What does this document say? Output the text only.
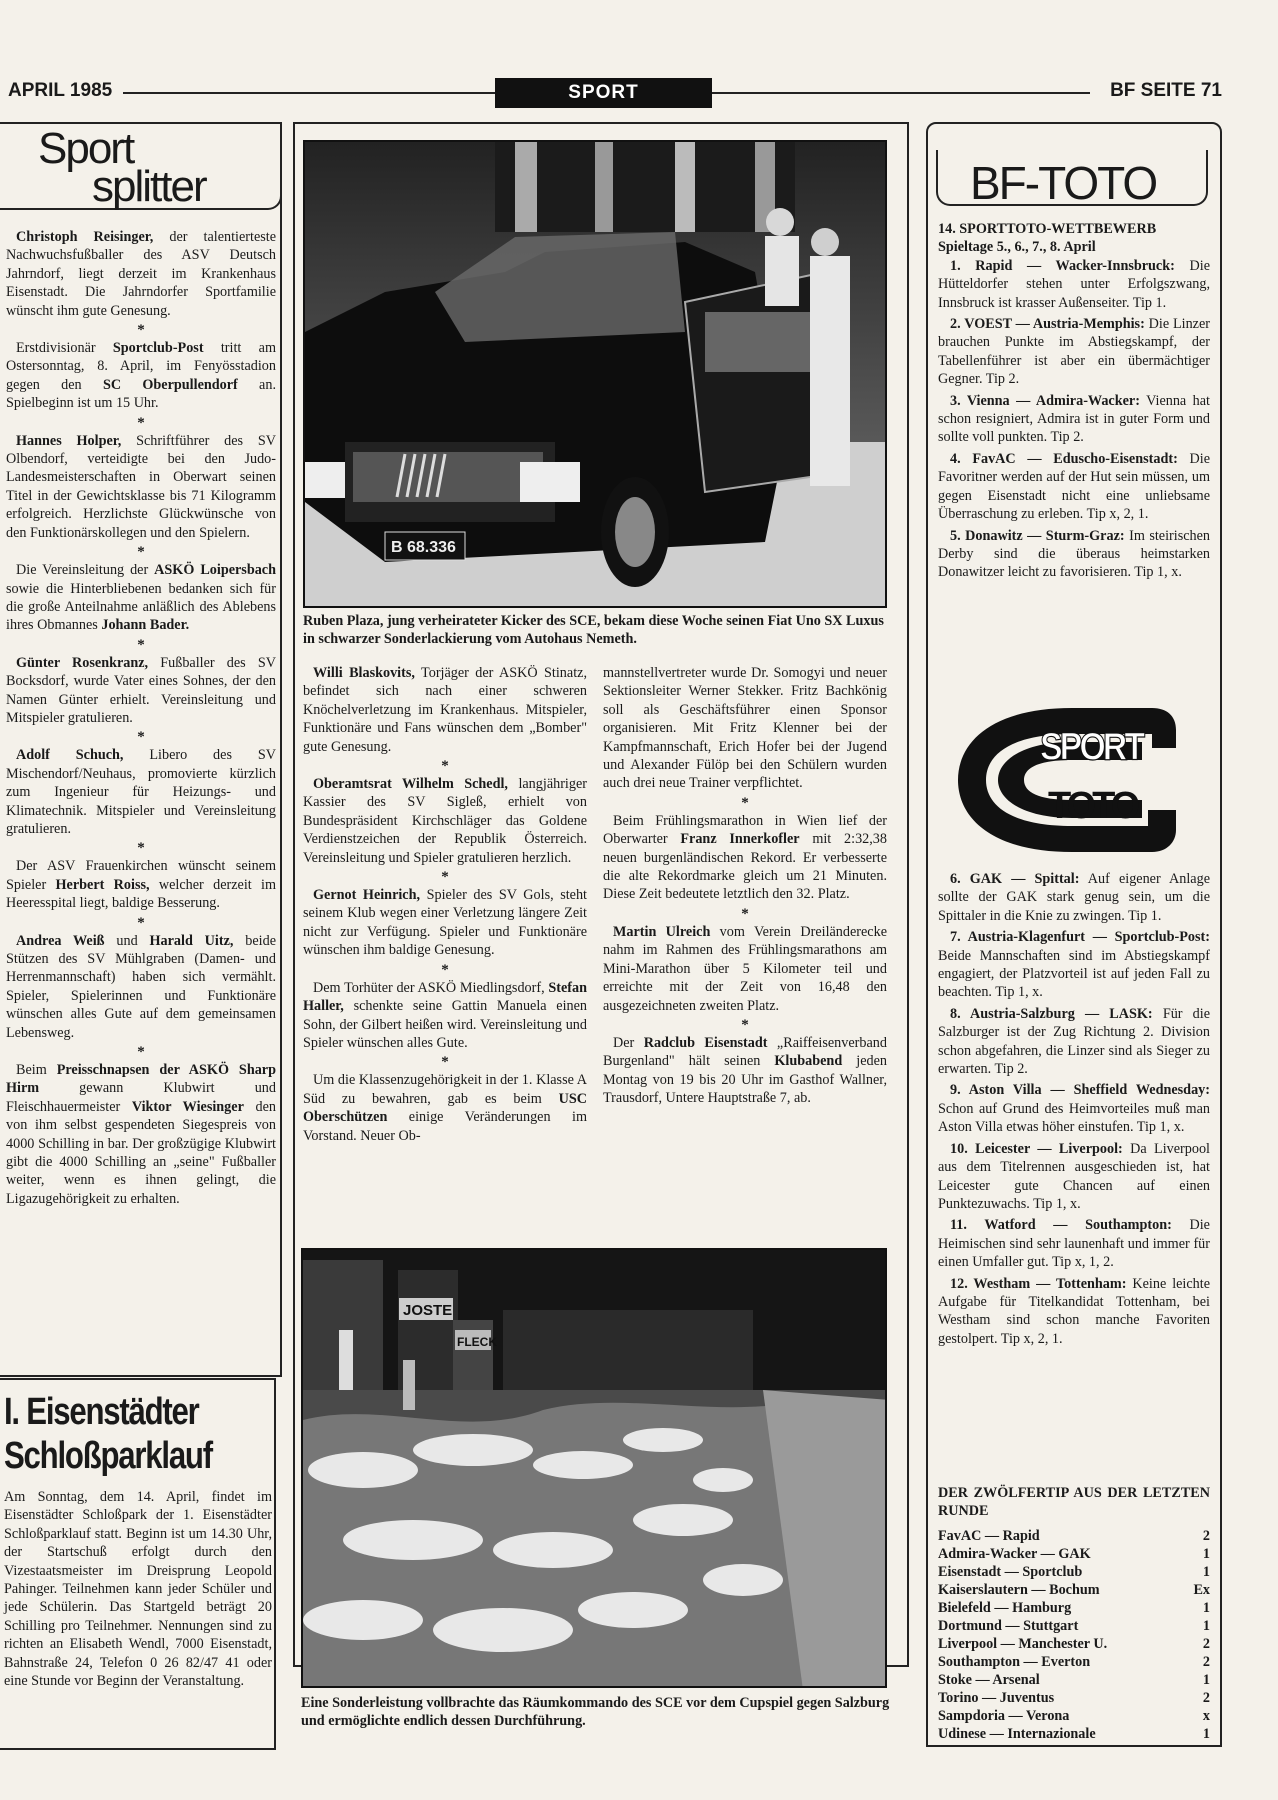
APRIL 1985	SPORT	BF SEITE 71
Sport
splitter

Christoph Reisinger, der talentierteste Nachwuchsfußballer des ASV Deutsch Jahrndorf, liegt derzeit im Krankenhaus Eisenstadt. Die Jahrndorfer Sportfamilie wünscht ihm gute Genesung.

*

Erstdivisionär Sportclub-Post tritt am Ostersonntag, 8. April, im Fenyösstadion gegen den SC Oberpullendorf an. Spielbeginn ist um 15 Uhr.

*

Hannes Holper, Schriftführer des SV Olbendorf, verteidigte bei den Judo-Landesmeisterschaften in Oberwart seinen Titel in der Gewichtsklasse bis 71 Kilogramm erfolgreich. Herzlichste Glückwünsche von den Funktionärskollegen und den Spielern.

*

Die Vereinsleitung der ASKÖ Loipersbach sowie die Hinterbliebenen bedanken sich für die große Anteilnahme anläßlich des Ablebens ihres Obmannes Johann Bader.

*

Günter Rosenkranz, Fußballer des SV Bocksdorf, wurde Vater eines Sohnes, der den Namen Günter erhielt. Vereinsleitung und Mitspieler gratulieren.

*

Adolf Schuch, Libero des SV Mischendorf/Neuhaus, promovierte kürzlich zum Ingenieur für Heizungs- und Klimatechnik. Mitspieler und Vereinsleitung gratulieren.

*

Der ASV Frauenkirchen wünscht seinem Spieler Herbert Roiss, welcher derzeit im Heeresspital liegt, baldige Besserung.

*

Andrea Weiß und Harald Uitz, beide Stützen des SV Mühlgraben (Damen- und Herrenmannschaft) haben sich vermählt. Spieler, Spielerinnen und Funktionäre wünschen alles Gute auf dem gemeinsamen Lebensweg.

*

Beim Preisschnapsen der ASKÖ Sharp Hirm gewann Klubwirt und Fleischhauermeister Viktor Wiesinger den von ihm selbst gespendeten Siegespreis von 4000 Schilling in bar. Der großzügige Klubwirt gibt die 4000 Schilling an „seine" Fußballer weiter, wenn es ihnen gelingt, die Ligazugehörigkeit zu erhalten.

I. Eisenstädter
Schloßparklauf

Am Sonntag, dem 14. April, findet im Eisenstädter Schloßpark der 1. Eisenstädter Schloßparklauf statt. Beginn ist um 14.30 Uhr, der Startschuß erfolgt durch den Vizestaatsmeister im Dreisprung Leopold Pahinger. Teilnehmen kann jeder Schüler und jede Schülerin. Das Startgeld beträgt 20 Schilling pro Teilnehmer. Nennungen sind zu richten an Elisabeth Wendl, 7000 Eisenstadt, Bahnstraße 24, Telefon 0 26 82/47 41 oder eine Stunde vor Beginn der Veranstaltung.

B 68.336
Ruben Plaza, jung verheirateter Kicker des SCE, bekam diese Woche seinen Fiat Uno SX Luxus in schwarzer Sonderlackierung vom Autohaus Nemeth.

Willi Blaskovits, Torjäger der ASKÖ Stinatz, befindet sich nach einer schweren Knöchelverletzung im Krankenhaus. Mitspieler, Funktionäre und Fans wünschen dem „Bomber" gute Genesung.

*

Oberamtsrat Wilhelm Schedl, langjähriger Kassier des SV Sigleß, erhielt von Bundespräsident Kirchschläger das Goldene Verdienstzeichen der Republik Österreich. Vereinsleitung und Spieler gratulieren herzlich.

*

Gernot Heinrich, Spieler des SV Gols, steht seinem Klub wegen einer Verletzung längere Zeit nicht zur Verfügung. Spieler und Funktionäre wünschen ihm baldige Genesung.

*

Dem Torhüter der ASKÖ Miedlingsdorf, Stefan Haller, schenkte seine Gattin Manuela einen Sohn, der Gilbert heißen wird. Vereinsleitung und Spieler wünschen alles Gute.

*

Um die Klassenzugehörigkeit in der 1. Klasse A Süd zu bewahren, gab es beim USC Oberschützen einige Veränderungen im Vorstand. Neuer Ob-

mannstellvertreter wurde Dr. Somogyi und neuer Sektionsleiter Werner Stekker. Fritz Bachkönig soll als Geschäftsführer einen Sponsor organisieren. Mit Fritz Klenner bei der Kampfmannschaft, Erich Hofer bei der Jugend und Alexander Fülöp bei den Schülern wurden auch drei neue Trainer verpflichtet.

*

Beim Frühlingsmarathon in Wien lief der Oberwarter Franz Innerkofler mit 2:32,38 neuen burgenländischen Rekord. Er verbesserte die alte Rekordmarke gleich um 21 Minuten. Diese Zeit bedeutete letztlich den 32. Platz.

*

Martin Ulreich vom Verein Dreiländerecke nahm im Rahmen des Frühlingsmarathons am Mini-Marathon über 5 Kilometer teil und erreichte mit der Zeit von 16,48 den ausgezeichneten zweiten Platz.

*

Der Radclub Eisenstadt „Raiffeisenverband Burgenland" hält seinen Klubabend jeden Montag von 19 bis 20 Uhr im Gasthof Wallner, Trausdorf, Untere Hauptstraße 7, ab.

JOSTE
FLECK
Eine Sonderleistung vollbrachte das Räumkommando des SCE vor dem Cupspiel gegen Salzburg und ermöglichte endlich dessen Durchführung.
BF-TOTO
14. SPORTTOTO-WETTBEWERB
Spieltage 5., 6., 7., 8. April

1. Rapid — Wacker-Innsbruck: Die Hütteldorfer stehen unter Erfolgszwang, Innsbruck ist krasser Außenseiter. Tip 1.

2. VOEST — Austria-Memphis: Die Linzer brauchen Punkte im Abstiegskampf, der Tabellenführer ist aber ein übermächtiger Gegner. Tip 2.

3. Vienna — Admira-Wacker: Vienna hat schon resigniert, Admira ist in guter Form und sollte voll punkten. Tip 2.

4. FavAC — Eduscho-Eisenstadt: Die Favoritner werden auf der Hut sein müssen, um gegen Eisenstadt nicht eine unliebsame Überraschung zu erleben. Tip x, 2, 1.

5. Donawitz — Sturm-Graz: Im steirischen Derby sind die überaus heimstarken Donawitzer leicht zu favorisieren. Tip 1, x.

SPORT
TOTO

6. GAK — Spittal: Auf eigener Anlage sollte der GAK stark genug sein, um die Spittaler in die Knie zu zwingen. Tip 1.

7. Austria-Klagenfurt — Sportclub-Post: Beide Mannschaften sind im Abstiegskampf engagiert, der Platzvorteil ist auf jeden Fall zu beachten. Tip 1, x.

8. Austria-Salzburg — LASK: Für die Salzburger ist der Zug Richtung 2. Division schon abgefahren, die Linzer sind als Sieger zu erwarten. Tip 2.

9. Aston Villa — Sheffield Wednesday: Schon auf Grund des Heimvorteiles muß man Aston Villa etwas höher einstufen. Tip 1, x.

10. Leicester — Liverpool: Da Liverpool aus dem Titelrennen ausgeschieden ist, hat Leicester gute Chancen auf einen Punktezuwachs. Tip 1, x.

11. Watford — Southampton: Die Heimischen sind sehr launenhaft und immer für einen Umfaller gut. Tip x, 1, 2.

12. Westham — Tottenham: Keine leichte Aufgabe für Titelkandidat Tottenham, bei Westham sind schon manche Favoriten gestolpert. Tip x, 2, 1.

DER ZWÖLFERTIP AUS DER LETZTEN RUNDE
FavAC — Rapid	2
Admira-Wacker — GAK	1
Eisenstadt — Sportclub	1
Kaiserslautern — Bochum	Ex
Bielefeld — Hamburg	1
Dortmund — Stuttgart	1
Liverpool — Manchester U.	2
Southampton — Everton	2
Stoke — Arsenal	1
Torino — Juventus	2
Sampdoria — Verona	x
Udinese — Internazionale	1
